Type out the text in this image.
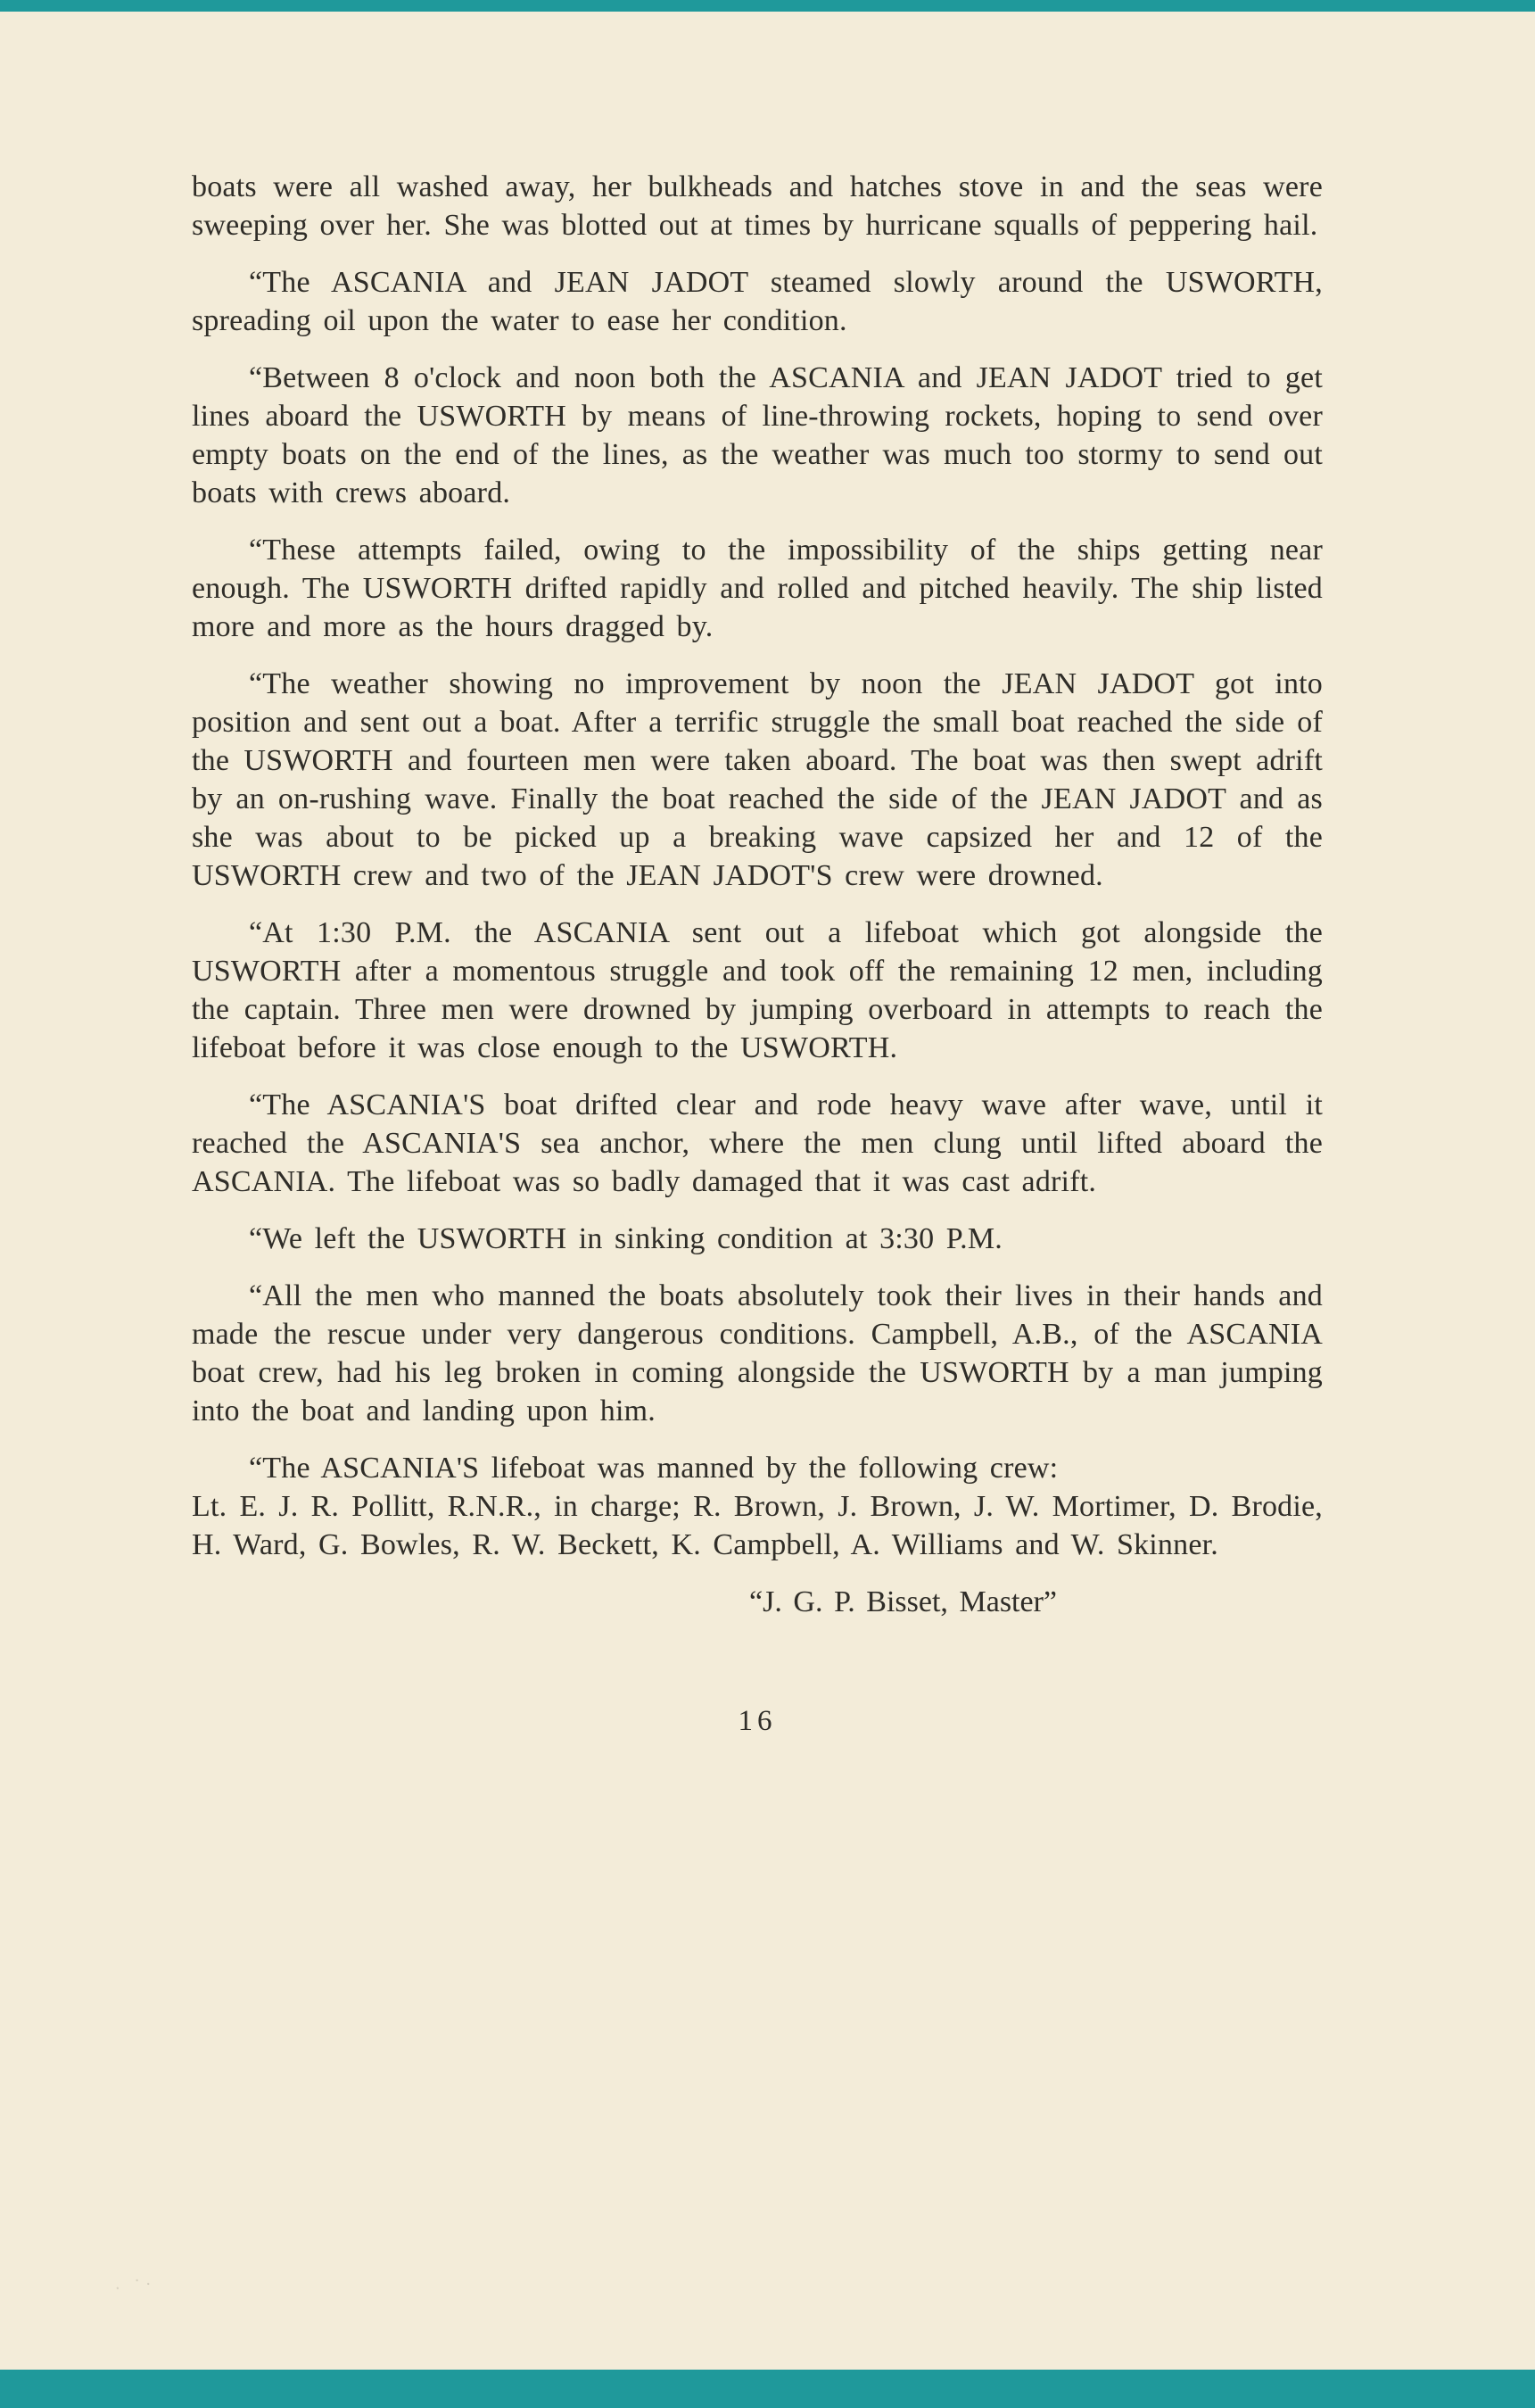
boats were all washed away, her bulkheads and hatches stove in and the seas were sweeping over her. She was blotted out at times by hurricane squalls of peppering hail.

“The ASCANIA and JEAN JADOT steamed slowly around the USWORTH, spreading oil upon the water to ease her condition.

“Between 8 o'clock and noon both the ASCANIA and JEAN JADOT tried to get lines aboard the USWORTH by means of line-throwing rockets, hoping to send over empty boats on the end of the lines, as the weather was much too stormy to send out boats with crews aboard.

“These attempts failed, owing to the impossibility of the ships getting near enough. The USWORTH drifted rapidly and rolled and pitched heavily. The ship listed more and more as the hours dragged by.

“The weather showing no improvement by noon the JEAN JADOT got into position and sent out a boat. After a terrific struggle the small boat reached the side of the USWORTH and fourteen men were taken aboard. The boat was then swept adrift by an on-rushing wave. Finally the boat reached the side of the JEAN JADOT and as she was about to be picked up a breaking wave capsized her and 12 of the USWORTH crew and two of the JEAN JADOT'S crew were drowned.

“At 1:30 P.M. the ASCANIA sent out a lifeboat which got alongside the USWORTH after a momentous struggle and took off the remaining 12 men, including the captain. Three men were drowned by jumping overboard in attempts to reach the lifeboat before it was close enough to the USWORTH.

“The ASCANIA'S boat drifted clear and rode heavy wave after wave, until it reached the ASCANIA'S sea anchor, where the men clung until lifted aboard the ASCANIA. The lifeboat was so badly damaged that it was cast adrift.

“We left the USWORTH in sinking condition at 3:30 P.M.

“All the men who manned the boats absolutely took their lives in their hands and made the rescue under very dangerous conditions. Campbell, A.B., of the ASCANIA boat crew, had his leg broken in coming alongside the USWORTH by a man jumping into the boat and landing upon him.

“The ASCANIA'S lifeboat was manned by the following crew:

Lt. E. J. R. Pollitt, R.N.R., in charge; R. Brown, J. Brown, J. W. Mortimer, D. Brodie, H. Ward, G. Bowles, R. W. Beckett, K. Campbell, A. Williams and W. Skinner.

“J. G. P. Bisset, Master”
16
. ·.
